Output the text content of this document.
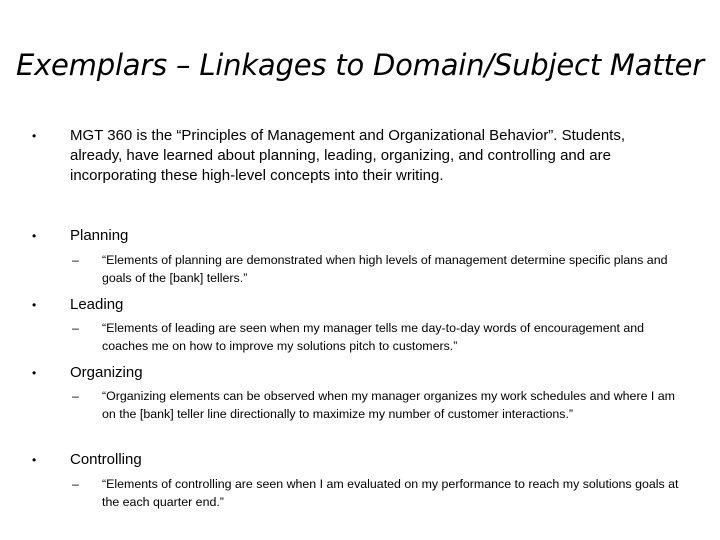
Exemplars – Linkages to Domain/Subject Matter
• MGT 360 is the “Principles of Management and Organizational Behavior”. Students, already, have learned about planning, leading, organizing, and controlling and are incorporating these high-level concepts into their writing.
• Planning
– “Elements of planning are demonstrated when high levels of management determine specific plans and goals of the [bank] tellers.”
• Leading
– “Elements of leading are seen when my manager tells me day-to-day words of encouragement and coaches me on how to improve my solutions pitch to customers.”
• Organizing
– “Organizing elements can be observed when my manager organizes my work schedules and where I am on the [bank] teller line directionally to maximize my number of customer interactions.”
• Controlling
– “Elements of controlling are seen when I am evaluated on my performance to reach my solutions goals at the each quarter end.”
